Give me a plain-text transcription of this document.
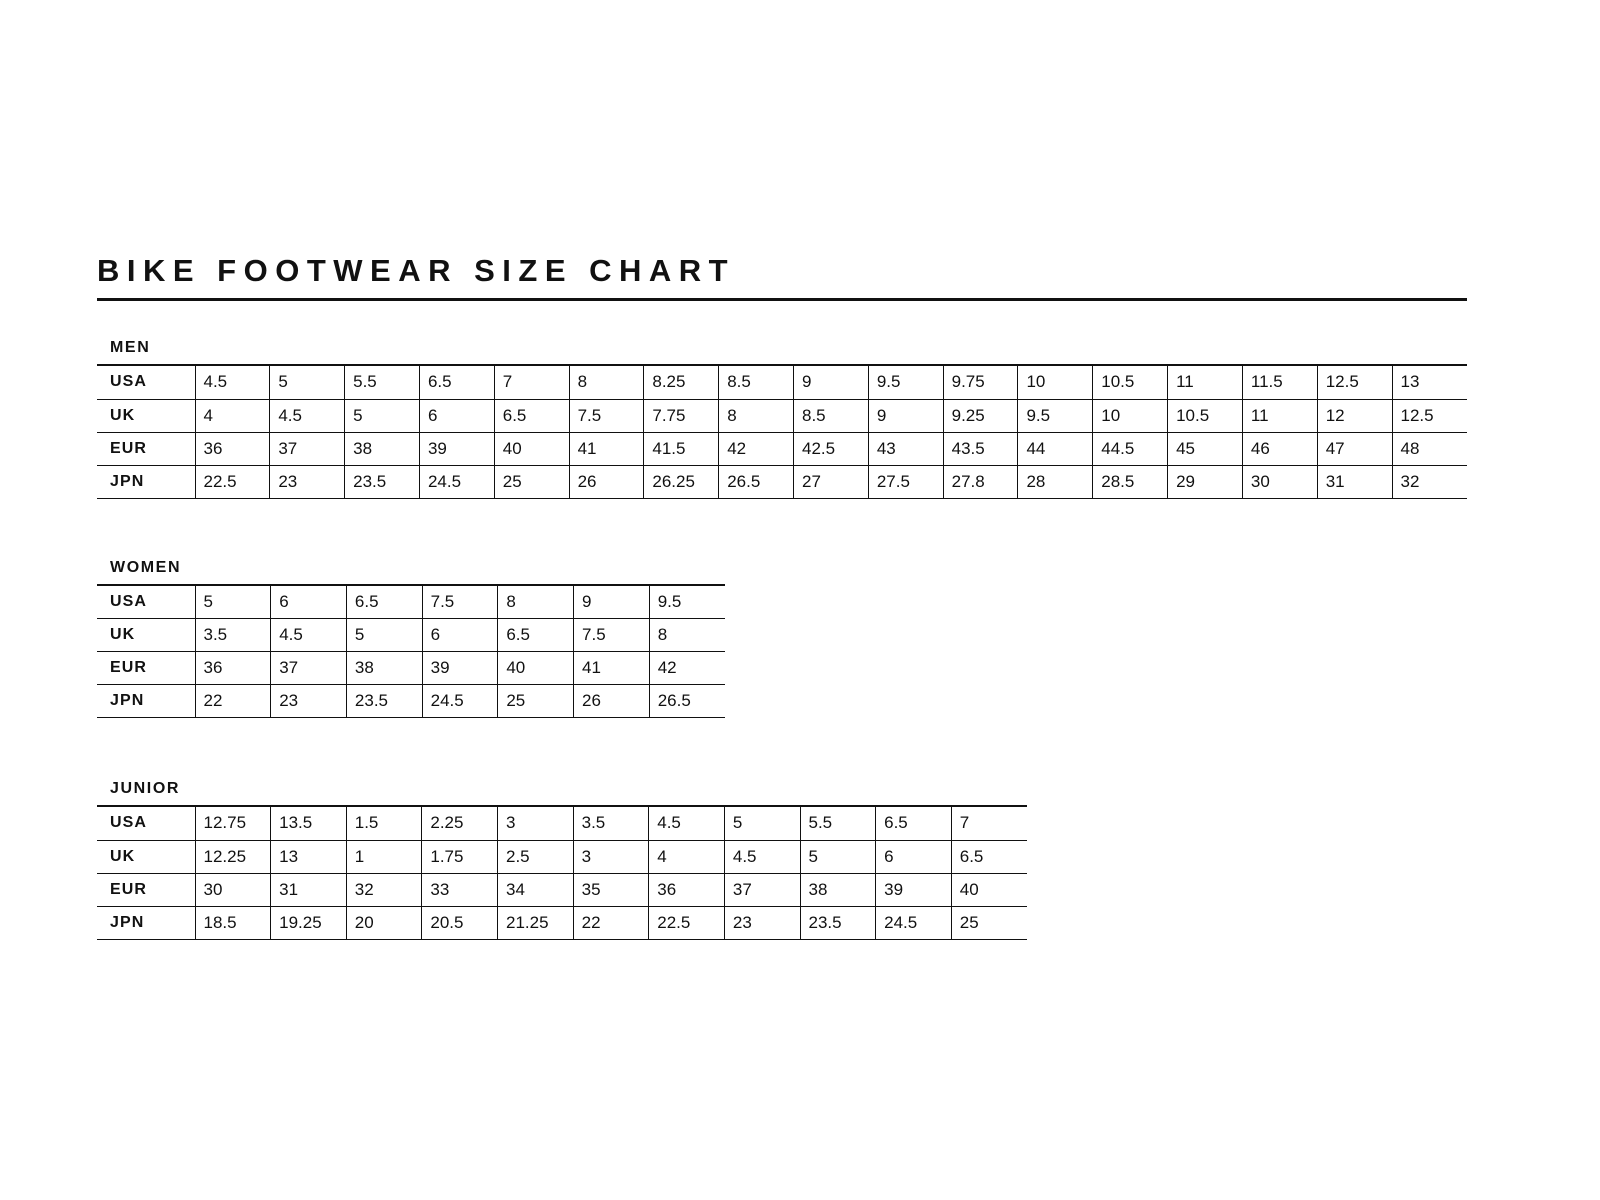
BIKE FOOTWEAR SIZE CHART
MEN
USA	4.5	5	5.5	6.5	7	8	8.25	8.5	9	9.5	9.75	10	10.5	11	11.5	12.5	13
UK	4	4.5	5	6	6.5	7.5	7.75	8	8.5	9	9.25	9.5	10	10.5	11	12	12.5
EUR	36	37	38	39	40	41	41.5	42	42.5	43	43.5	44	44.5	45	46	47	48
JPN	22.5	23	23.5	24.5	25	26	26.25	26.5	27	27.5	27.8	28	28.5	29	30	31	32
WOMEN
USA	5	6	6.5	7.5	8	9	9.5
UK	3.5	4.5	5	6	6.5	7.5	8
EUR	36	37	38	39	40	41	42
JPN	22	23	23.5	24.5	25	26	26.5
JUNIOR
USA	12.75	13.5	1.5	2.25	3	3.5	4.5	5	5.5	6.5	7
UK	12.25	13	1	1.75	2.5	3	4	4.5	5	6	6.5
EUR	30	31	32	33	34	35	36	37	38	39	40
JPN	18.5	19.25	20	20.5	21.25	22	22.5	23	23.5	24.5	25
